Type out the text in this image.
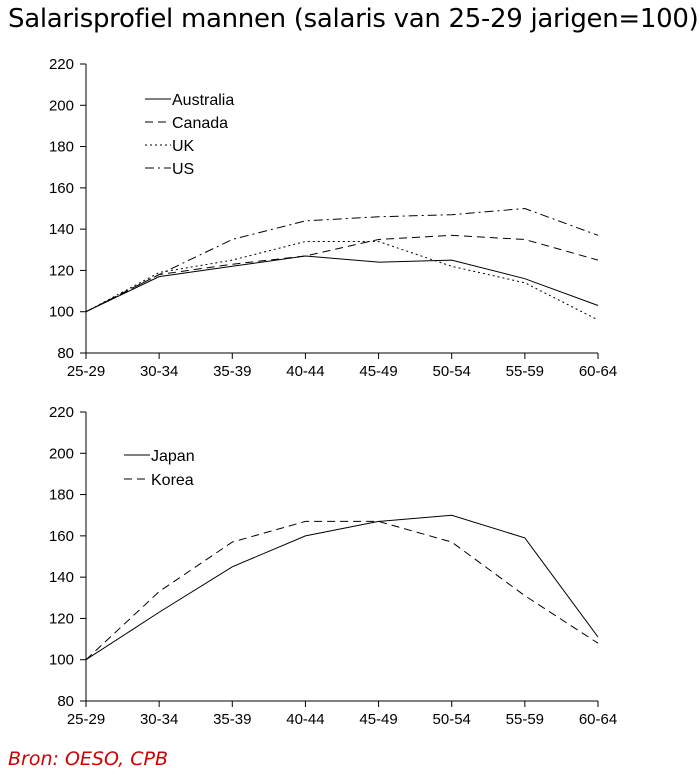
Salarisprofiel mannen (salaris van 25-29 jarigen=100)
80
100
120
140
160
180
200
220
25-29 30-34 35-39 40-44 45-49 50-54 55-59 60-64
Australia
Canada
UK
US
80
100
120
140
160
180
200
220
25-29 30-34 35-39 40-44 45-49 50-54 55-59 60-64
Japan
Korea
Bron: OESO, CPB
